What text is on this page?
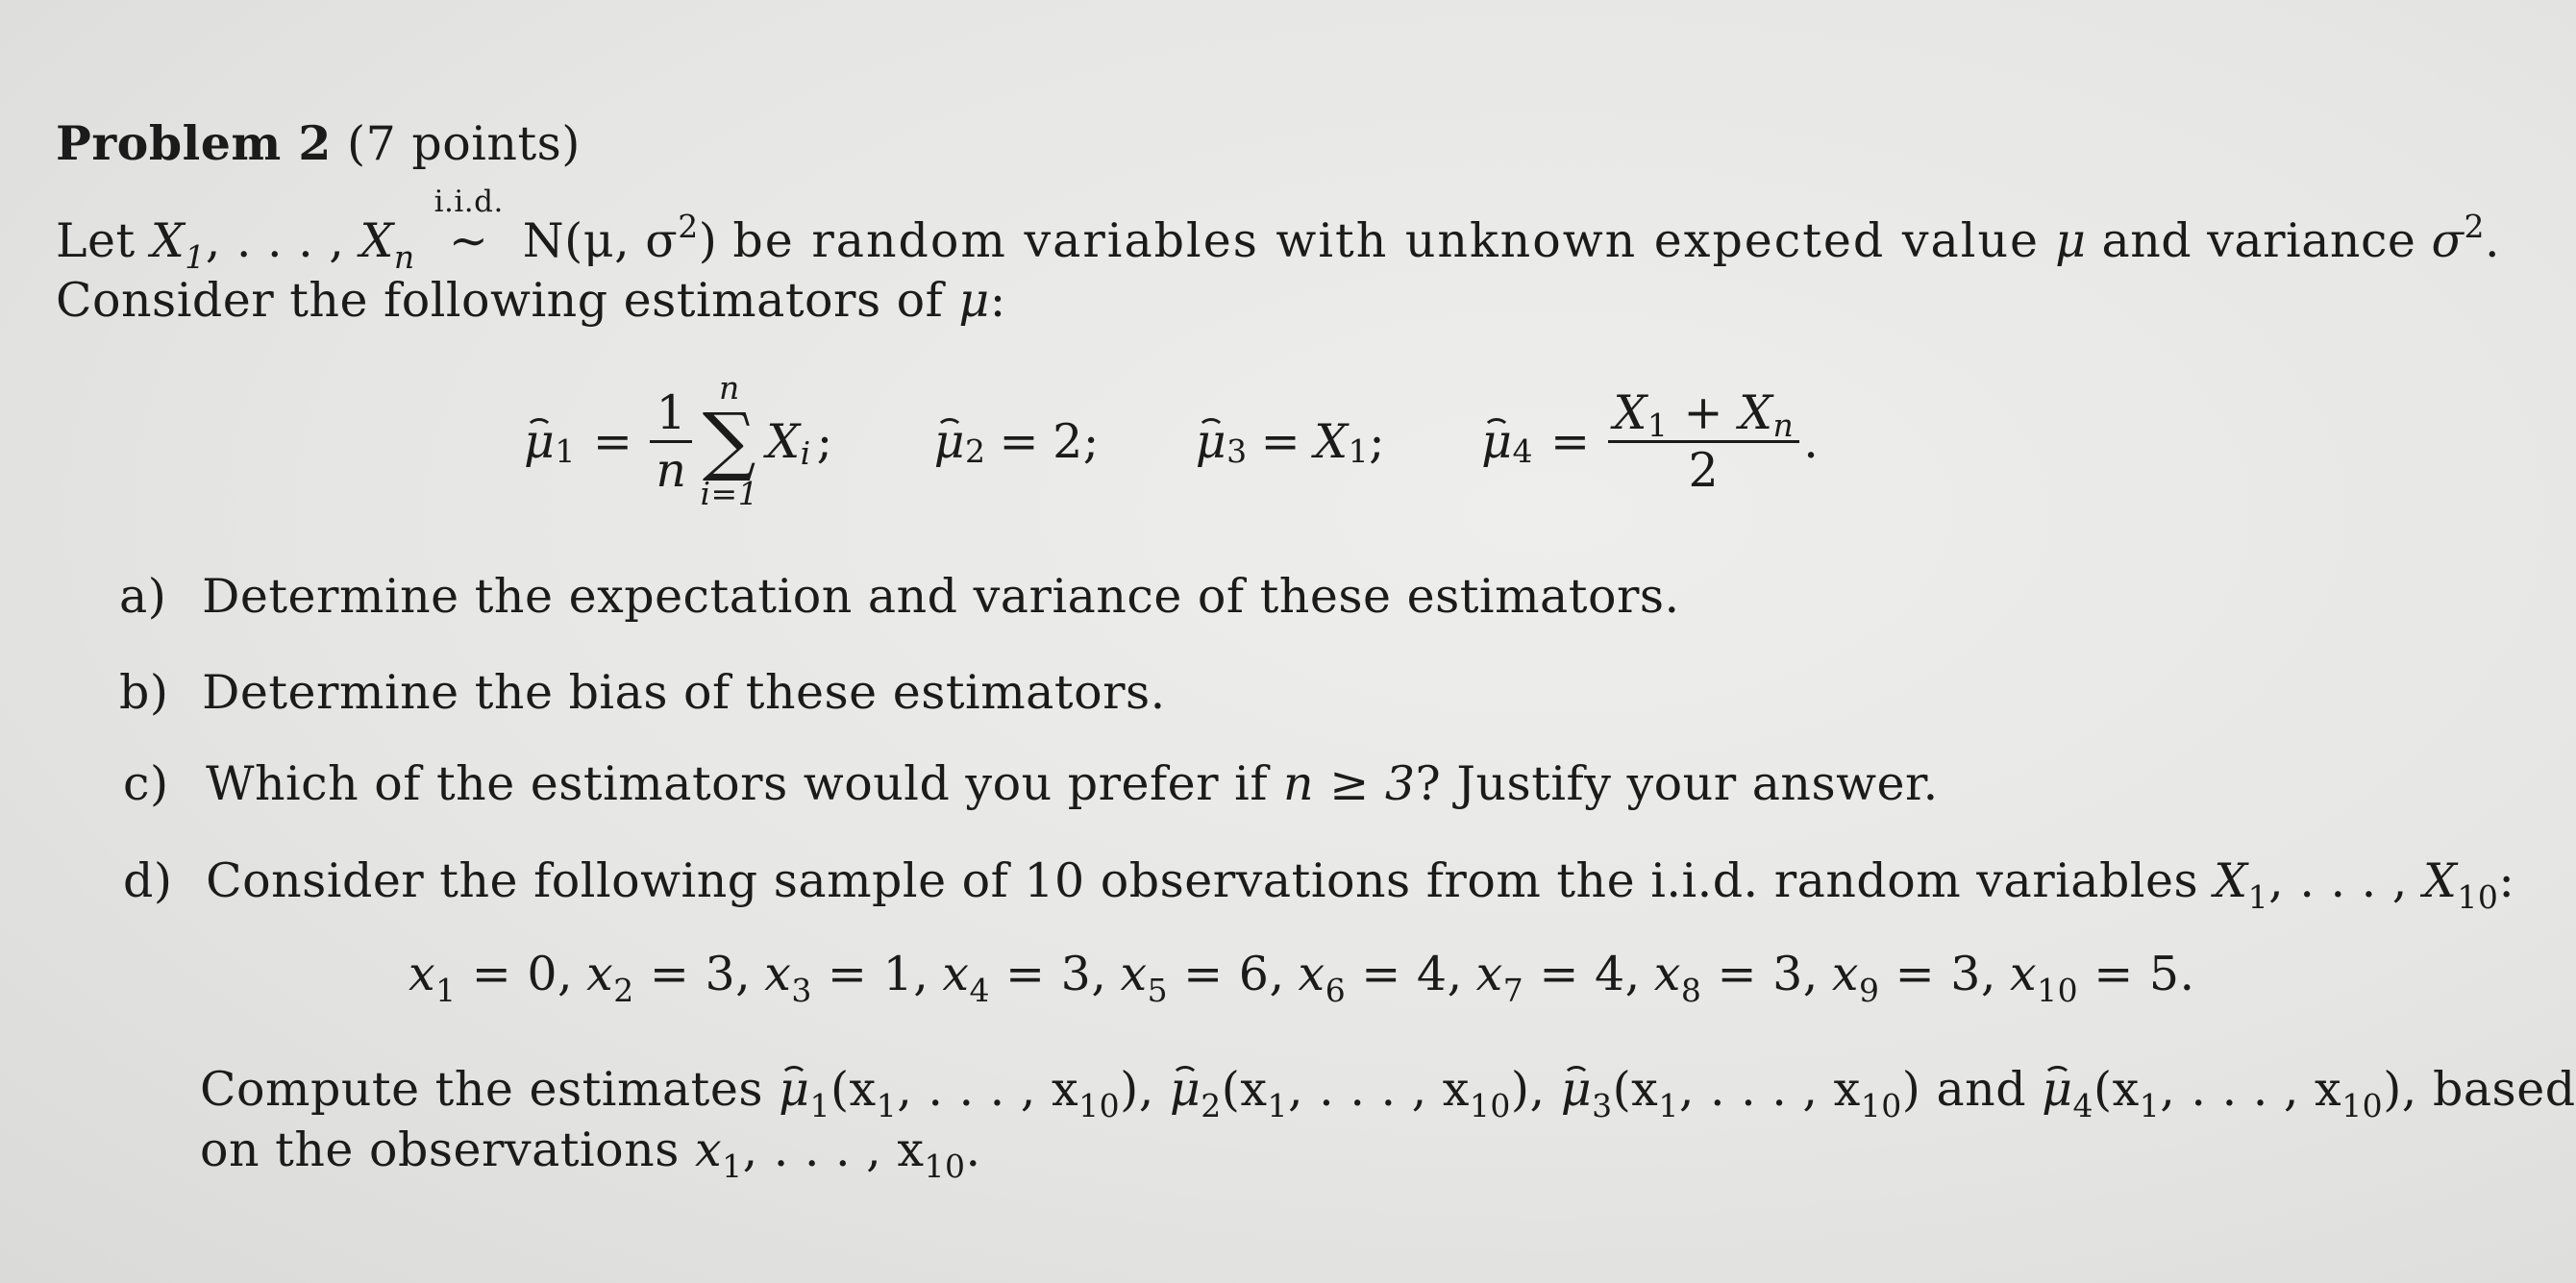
Problem 2 (7 points)
Let $X_1$, . . . , $X_n$
i.i.d.
∼ N(μ, $\sigma^2$) be random variables with unknown expected value μ and variance $\sigma^2$.
Consider the following estimators of μ:
μ $1 = \frac{1}{n}$ n
∑
i=1
X i ; μ 2 = 2; μ 3 = X 1 ; μ $4 = \frac{X1 + Xn}{2}$ .
a) Determine the expectation and variance of these estimators.
b) Determine the bias of these estimators.
c) Which of the estimators would you prefer if n ≥ 3? Justify your answer.
d) Consider the following sample of 10 observations from the i.i.d. random variables $X_1$, . . . , $X_{10}$:
$x_1 = 0$, $x_2 = 3$, $x_3 = 1$, $x_4 = 3$, $x_5 = 6$, $x_6 = 4$, $x_7 = 4$, $x_8 = 3$, $x_9 = 3$, $x_{10} = 5$.
Compute the estimates $\mu_1(x_1$, . . . , $x_{10}$), $\mu_2(x_1$, . . . , $x_{10}$), $\mu_3(x_1$, . . . , $x_{10}$) and $\mu_4(x_1$, . . . , $x_{10}$), based
on the observations $x_1$, . . . , $x_{10}$.
